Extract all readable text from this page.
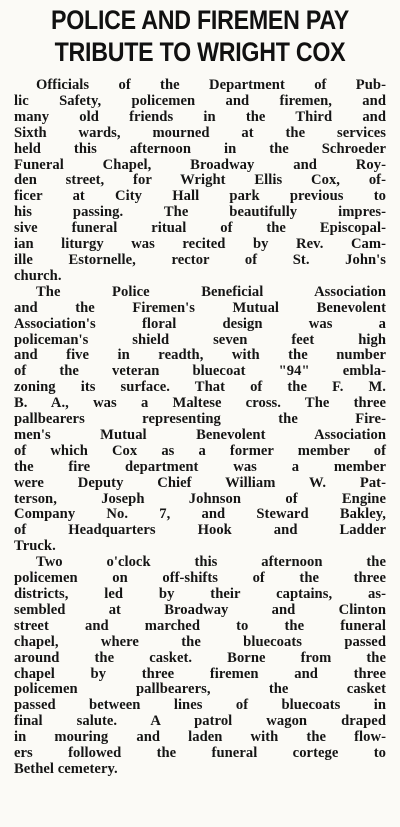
POLICE AND FIREMEN PAY
TRIBUTE TO WRIGHT COX
Officials of the Department of Pub-
lic Safety, policemen and firemen, and
many old friends in the Third and
Sixth wards, mourned at the services
held this afternoon in the Schroeder
Funeral Chapel, Broadway and Roy-
den street, for Wright Ellis Cox, of-
ficer at City Hall park previous to
his passing. The beautifully impres-
sive funeral ritual of the Episcopal-
ian liturgy was recited by Rev. Cam-
ille Estornelle, rector of St. John's
church.
The Police Beneficial Association
and the Firemen's Mutual Benevolent
Association's floral design was a
policeman's shield seven feet high
and five in readth, with the number
of the veteran bluecoat "94" embla-
zoning its surface. That of the F. M.
B. A., was a Maltese cross. The three
pallbearers representing the Fire-
men's Mutual Benevolent Association
of which Cox as a former member of
the fire department was a member
were Deputy Chief William W. Pat-
terson, Joseph Johnson of Engine
Company No. 7, and Steward Bakley,
of Headquarters Hook and Ladder
Truck.
Two o'clock this afternoon the
policemen on off-shifts of the three
districts, led by their captains, as-
sembled at Broadway and Clinton
street and marched to the funeral
chapel, where the bluecoats passed
around the casket. Borne from the
chapel by three firemen and three
policemen pallbearers, the casket
passed between lines of bluecoats in
final salute. A patrol wagon draped
in mouring and laden with the flow-
ers followed the funeral cortege to
Bethel cemetery.
